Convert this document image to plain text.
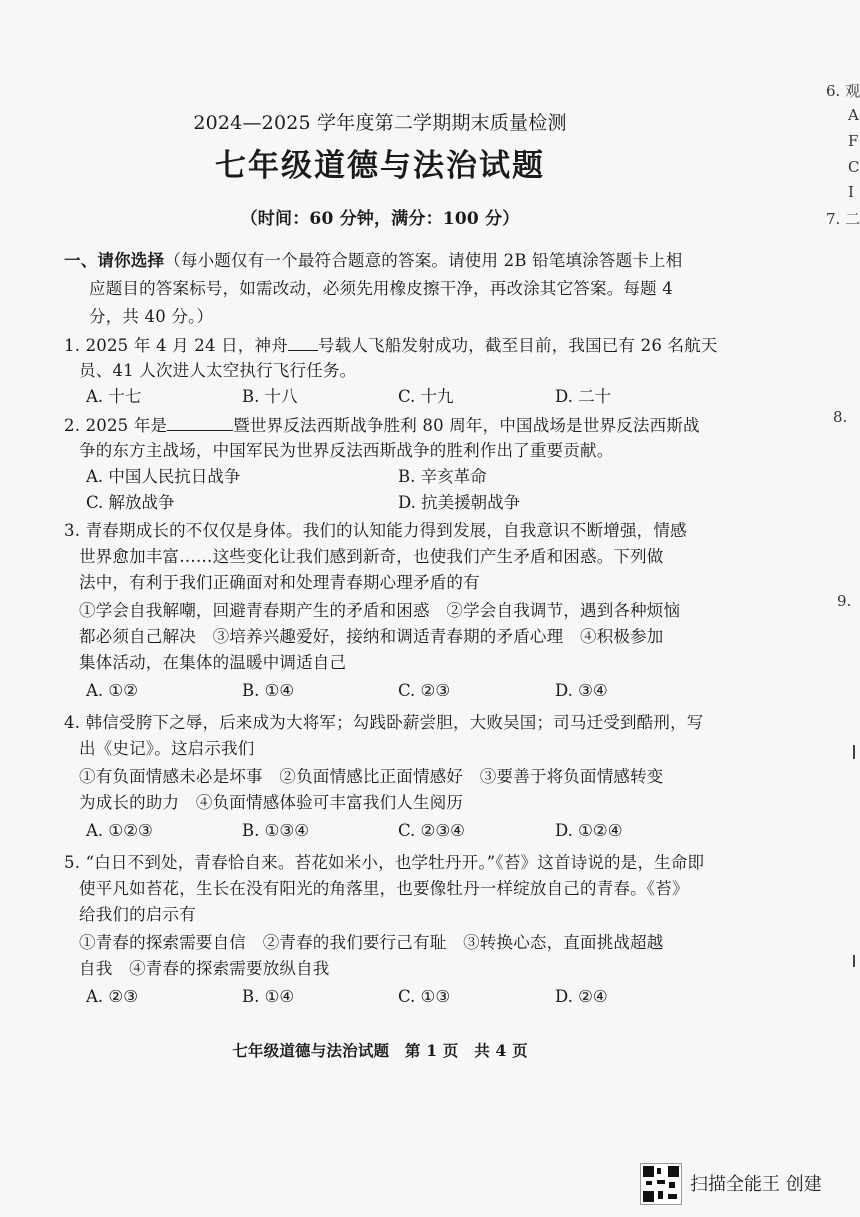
2024—2025 学年度第二学期期末质量检测
七年级道德与法治试题
（时间：60 分钟，满分：100 分）
一、请你选择（每小题仅有一个最符合题意的答案。请使用 2B 铅笔填涂答题卡上相
应题目的答案标号，如需改动，必须先用橡皮擦干净，再改涂其它答案。每题 4
分，共 40 分。）
1. 2025 年 4 月 24 日，神舟 号载人飞船发射成功，截至目前，我国已有 26 名航天
员、41 人次进人太空执行飞行任务。
A. 十七	B. 十八	C. 十九	D. 二十
2. 2025 年是	暨世界反法西斯战争胜利 80 周年，中国战场是世界反法西斯战
争的东方主战场，中国军民为世界反法西斯战争的胜利作出了重要贡献。
A. 中国人民抗日战争	B. 辛亥革命
C. 解放战争	D. 抗美援朝战争
3. 青春期成长的不仅仅是身体。我们的认知能力得到发展，自我意识不断增强，情感
世界愈加丰富……这些变化让我们感到新奇，也使我们产生矛盾和困惑。下列做
法中，有利于我们正确面对和处理青春期心理矛盾的有
①学会自我解嘲，回避青春期产生的矛盾和困惑　②学会自我调节，遇到各种烦恼
都必须自己解决　③培养兴趣爱好，接纳和调适青春期的矛盾心理　④积极参加
集体活动，在集体的温暖中调适自己
A. ①②	B. ①④	C. ②③	D. ③④
4. 韩信受胯下之辱，后来成为大将军；勾践卧薪尝胆，大败吴国；司马迁受到酷刑，写
出《史记》。这启示我们
①有负面情感未必是坏事　②负面情感比正面情感好　③要善于将负面情感转变
为成长的助力　④负面情感体验可丰富我们人生阅历
A. ①②③	B. ①③④	C. ②③④	D. ①②④
5. “白日不到处，青春恰自来。苔花如米小，也学牡丹开。”《苔》这首诗说的是，生命即
使平凡如苔花，生长在没有阳光的角落里，也要像牡丹一样绽放自己的青春。《苔》
给我们的启示有
①青春的探索需要自信　②青春的我们要行己有耻　③转换心态，直面挑战超越
自我　④青春的探索需要放纵自我
A. ②③	B. ①④	C. ①③	D. ②④
七年级道德与法治试题　第 1 页　共 4 页
6. 观
A
F
C
I
7. 二
8.
9.
扫描全能王 创建
